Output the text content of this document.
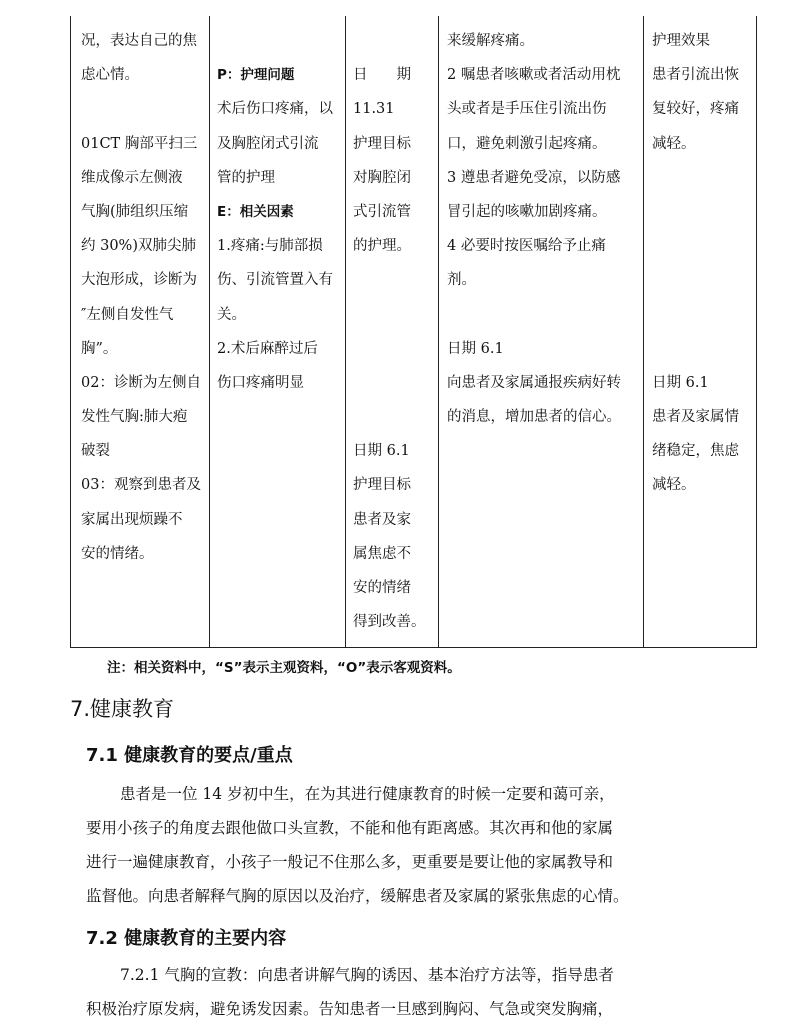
况，表达自己的焦
虑心情。
01CT 胸部平扫三
维成像示左侧液
气胸(肺组织压缩
约 30%)双肺尖肺
大泡形成，诊断为
″左侧自发性气
胸”。
02：诊断为左侧自
发性气胸:肺大疱
破裂
03：观察到患者及
家属出现烦躁不
安的情绪。
P：护理问题
术后伤口疼痛，以
及胸腔闭式引流
管的护理
E：相关因素
1.疼痛:与肺部损
伤、引流管置入有
关。
2.术后麻醉过后
伤口疼痛明显
日　　期
11.31
护理目标
对胸腔闭
式引流管
的护理。
日期 6.1
护理目标
患者及家
属焦虑不
安的情绪
得到改善。
来缓解疼痛。
2 嘱患者咳嗽或者活动用枕
头或者是手压住引流出伤
口，避免刺激引起疼痛。
3 遵患者避免受凉，以防感
冒引起的咳嗽加剧疼痛。
4 必要时按医嘱给予止痛
剂。
日期 6.1
向患者及家属通报疾病好转
的消息，增加患者的信心。
护理效果
患者引流出恢
复较好，疼痛
减轻。
日期 6.1
患者及家属情
绪稳定，焦虑
减轻。
注：相关资料中，“S”表示主观资料，“O”表示客观资料。
7.健康教育
7.1 健康教育的要点/重点
患者是一位 14 岁初中生，在为其进行健康教育的时候一定要和蔼可亲，
要用小孩子的角度去跟他做口头宣教，不能和他有距离感。其次再和他的家属
进行一遍健康教育，小孩子一般记不住那么多，更重要是要让他的家属教导和
监督他。向患者解释气胸的原因以及治疗，缓解患者及家属的紧张焦虑的心情。
7.2 健康教育的主要内容
7.2.1 气胸的宣教：向患者讲解气胸的诱因、基本治疗方法等，指导患者
积极治疗原发病，避免诱发因素。告知患者一旦感到胸闷、气急或突发胸痛，
